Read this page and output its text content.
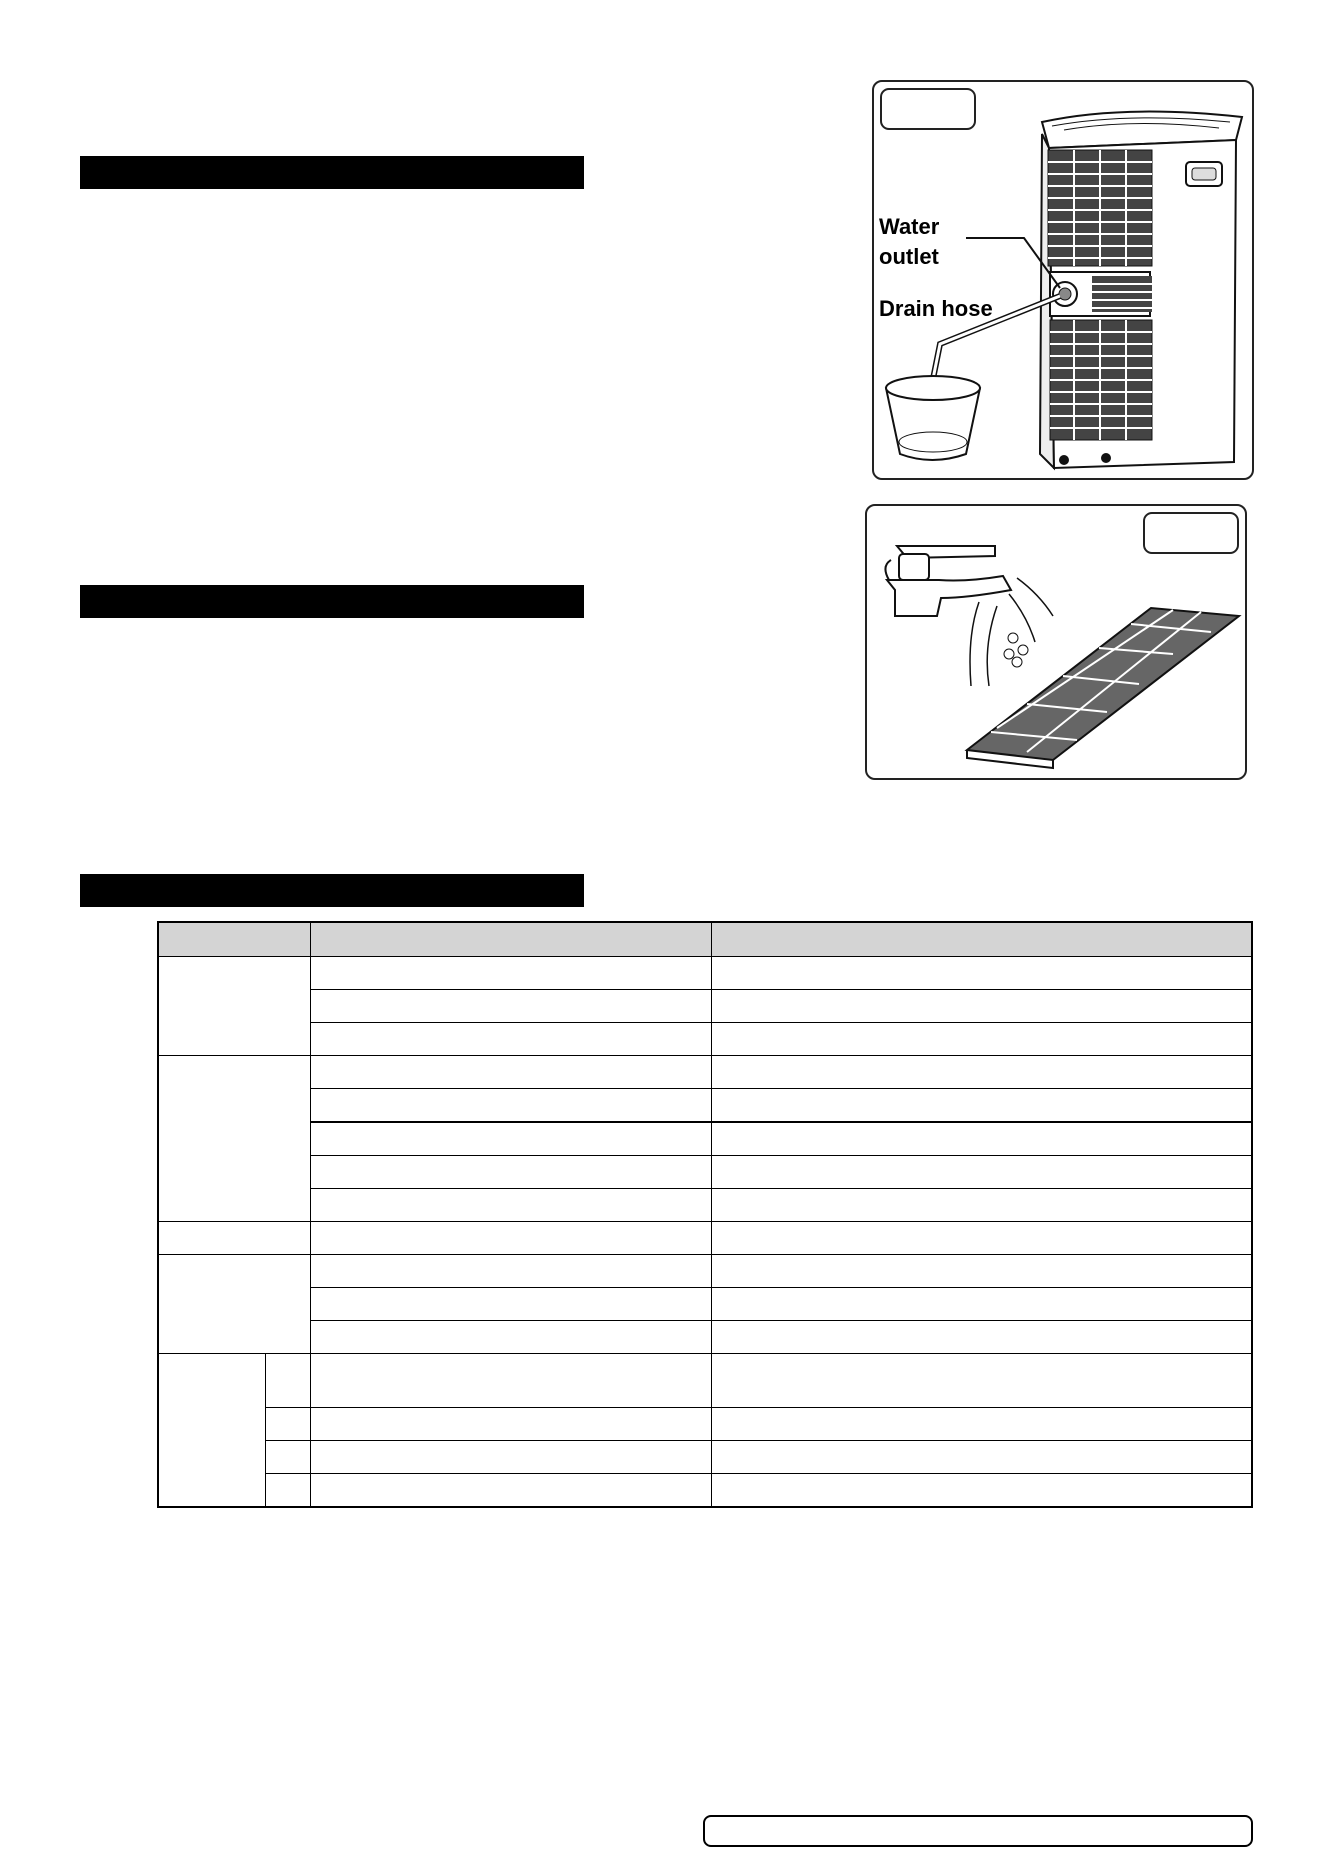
Water
outlet
Drain hose
